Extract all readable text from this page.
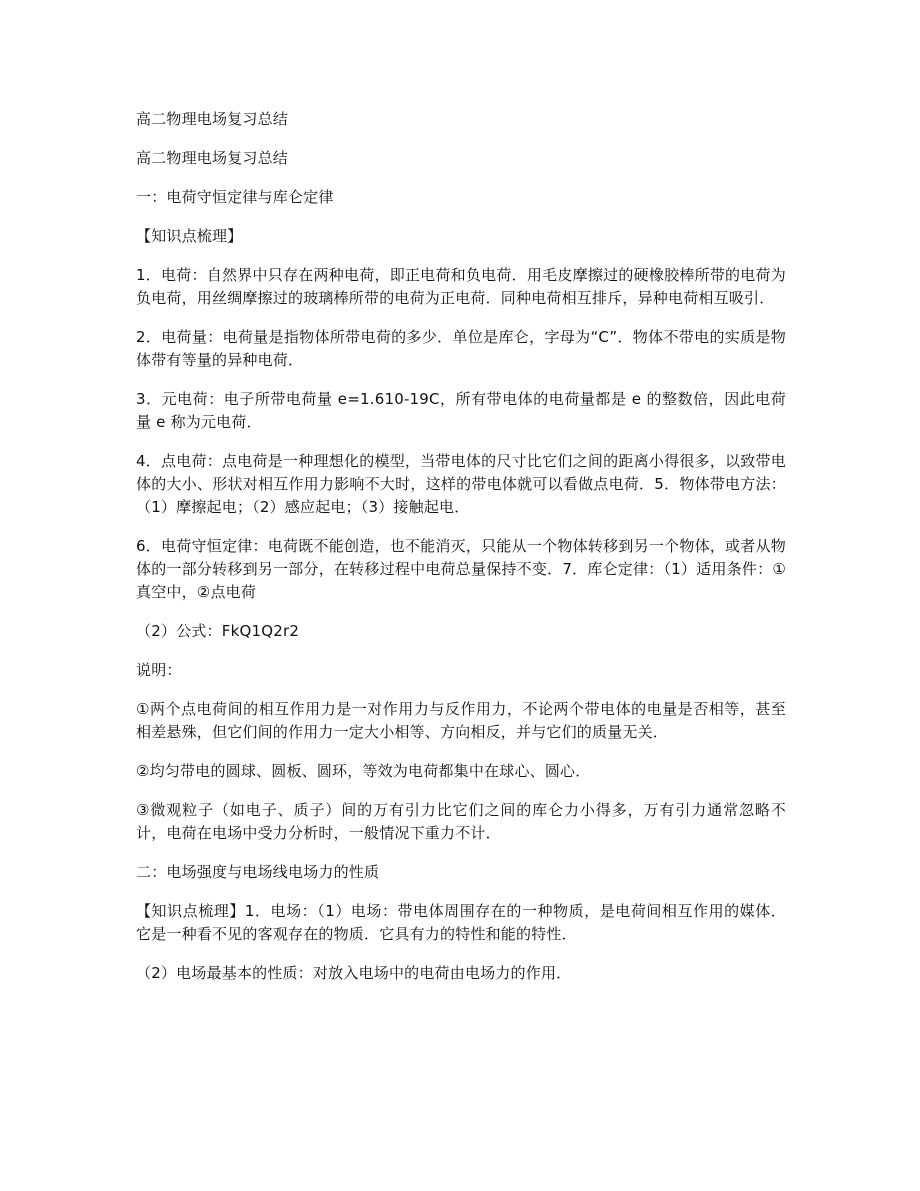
高二物理电场复习总结

高二物理电场复习总结

一：电荷守恒定律与库仑定律

【知识点梳理】

1．电荷：自然界中只存在两种电荷，即正电荷和负电荷．用毛皮摩擦过的硬橡胶棒所带的电荷为负电荷，用丝绸摩擦过的玻璃棒所带的电荷为正电荷．同种电荷相互排斥，异种电荷相互吸引．

2．电荷量：电荷量是指物体所带电荷的多少．单位是库仑，字母为“C”．物体不带电的实质是物体带有等量的异种电荷．

3．元电荷：电子所带电荷量 e=1.610-19C，所有带电体的电荷量都是 e 的整数倍，因此电荷量 e 称为元电荷．

4．点电荷：点电荷是一种理想化的模型，当带电体的尺寸比它们之间的距离小得很多，以致带电体的大小、形状对相互作用力影响不大时，这样的带电体就可以看做点电荷．5．物体带电方法：（1）摩擦起电；（2）感应起电；（3）接触起电．

6．电荷守恒定律：电荷既不能创造，也不能消灭，只能从一个物体转移到另一个物体，或者从物体的一部分转移到另一部分，在转移过程中电荷总量保持不变．7．库仑定律：（1）适用条件：①真空中，②点电荷

（2）公式：FkQ1Q2r2

说明：

①两个点电荷间的相互作用力是一对作用力与反作用力，不论两个带电体的电量是否相等，甚至相差悬殊，但它们间的作用力一定大小相等、方向相反，并与它们的质量无关．

②均匀带电的圆球、圆板、圆环，等效为电荷都集中在球心、圆心．

③微观粒子（如电子、质子）间的万有引力比它们之间的库仑力小得多，万有引力通常忽略不计，电荷在电场中受力分析时，一般情况下重力不计．

二：电场强度与电场线电场力的性质

【知识点梳理】1．电场：（1）电场：带电体周围存在的一种物质，是电荷间相互作用的媒体．它是一种看不见的客观存在的物质．它具有力的特性和能的特性．

（2）电场最基本的性质：对放入电场中的电荷由电场力的作用．
